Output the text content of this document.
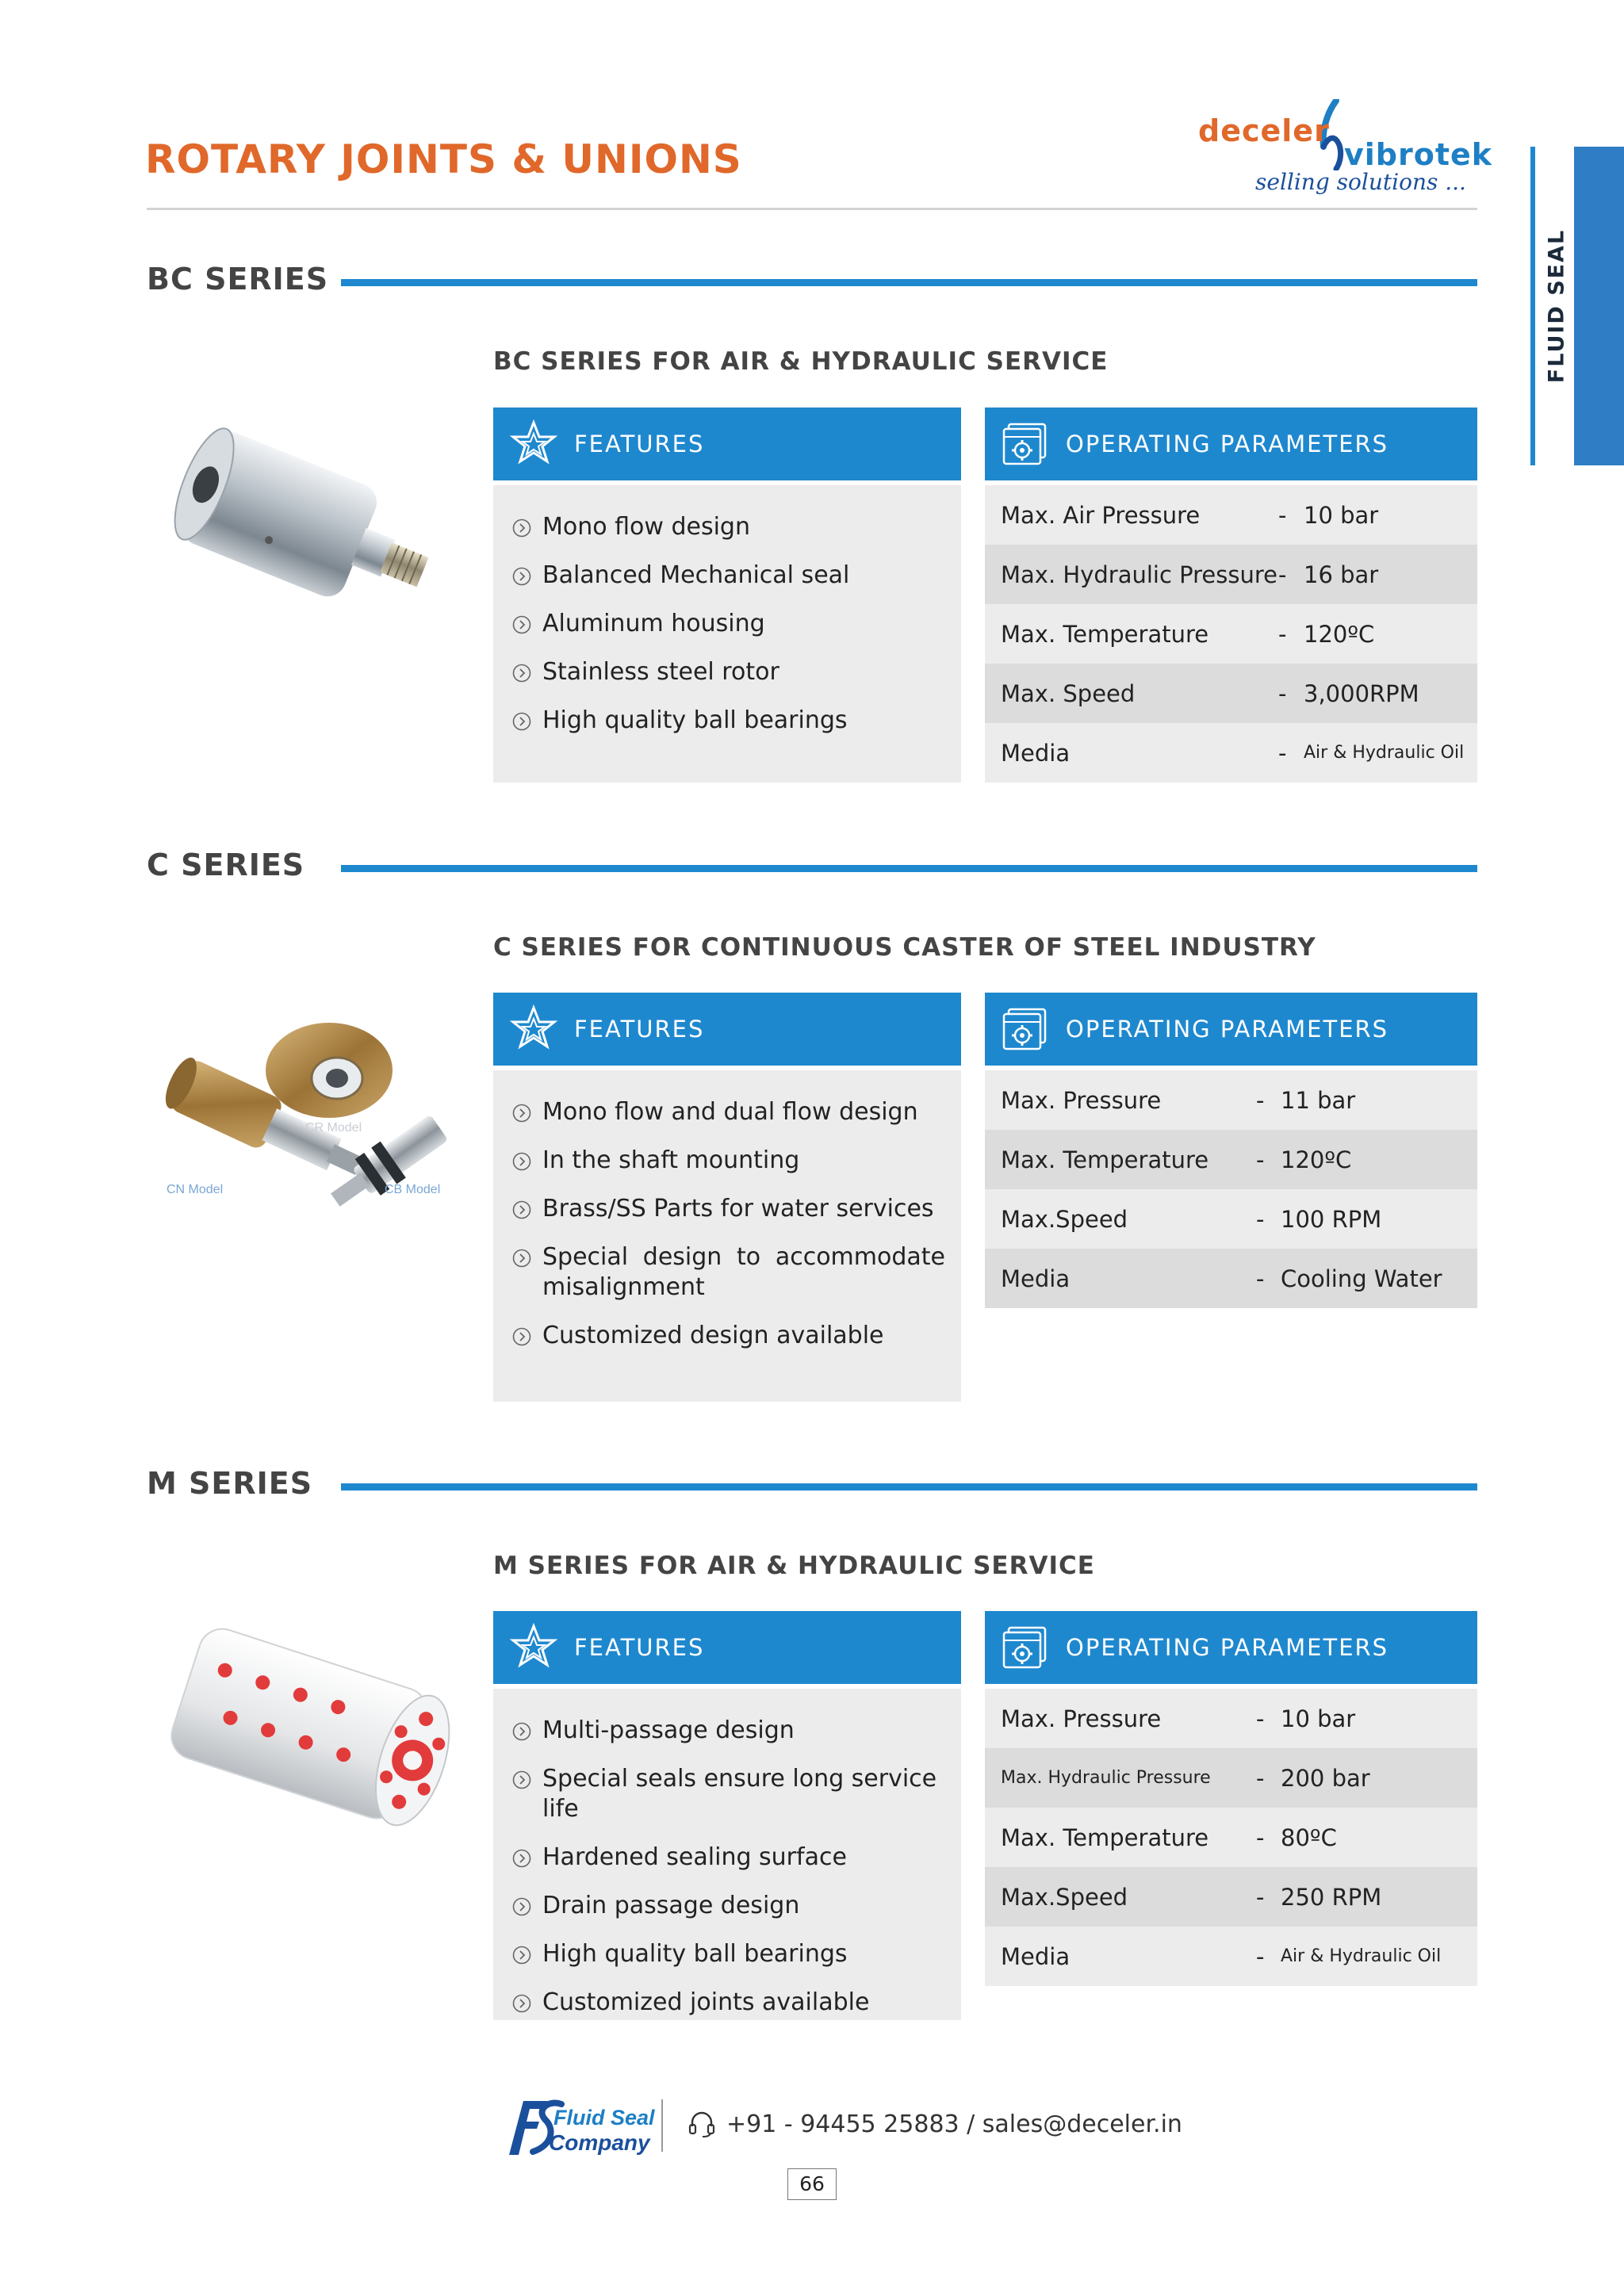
ROTARY JOINTS & UNIONS
deceler
vibrotek
selling solutions ...
FLUID SEAL
BC SERIES
BC SERIES FOR AIR & HYDRAULIC SERVICE
FEATURES
Mono flow design
Balanced Mechanical seal
Aluminum housing
Stainless steel rotor
High quality ball bearings
OPERATING PARAMETERS
Max. Air Pressure	- 10 bar
Max. Hydraulic Pressure - 16 bar
Max. Temperature	- 120ºC
Max. Speed	- 3,000RPM
Media	- Air & Hydraulic Oil
C SERIES
C SERIES FOR CONTINUOUS CASTER OF STEEL INDUSTRY
CN Model
CR Model
CB Model
FEATURES
Mono flow and dual flow design
In the shaft mounting
Brass/SS Parts for water services
Special design to accommodate misalignment
Customized design available
OPERATING PARAMETERS
Max. Pressure	- 11 bar
Max. Temperature - 120ºC
Max.Speed	- 100 RPM
Media	- Cooling Water
M SERIES
M SERIES FOR AIR & HYDRAULIC SERVICE
FEATURES
Multi-passage design
Special seals ensure long service life
Hardened sealing surface
Drain passage design
High quality ball bearings
Customized joints available
OPERATING PARAMETERS
Max. Pressure	- 10 bar
Max. Hydraulic Pressure - 200 bar
Max. Temperature - 80ºC
Max.Speed	- 250 RPM
Media	- Air & Hydraulic Oil
Fluid Seal
Company
+91 - 94455 25883 / sales@deceler.in
66
